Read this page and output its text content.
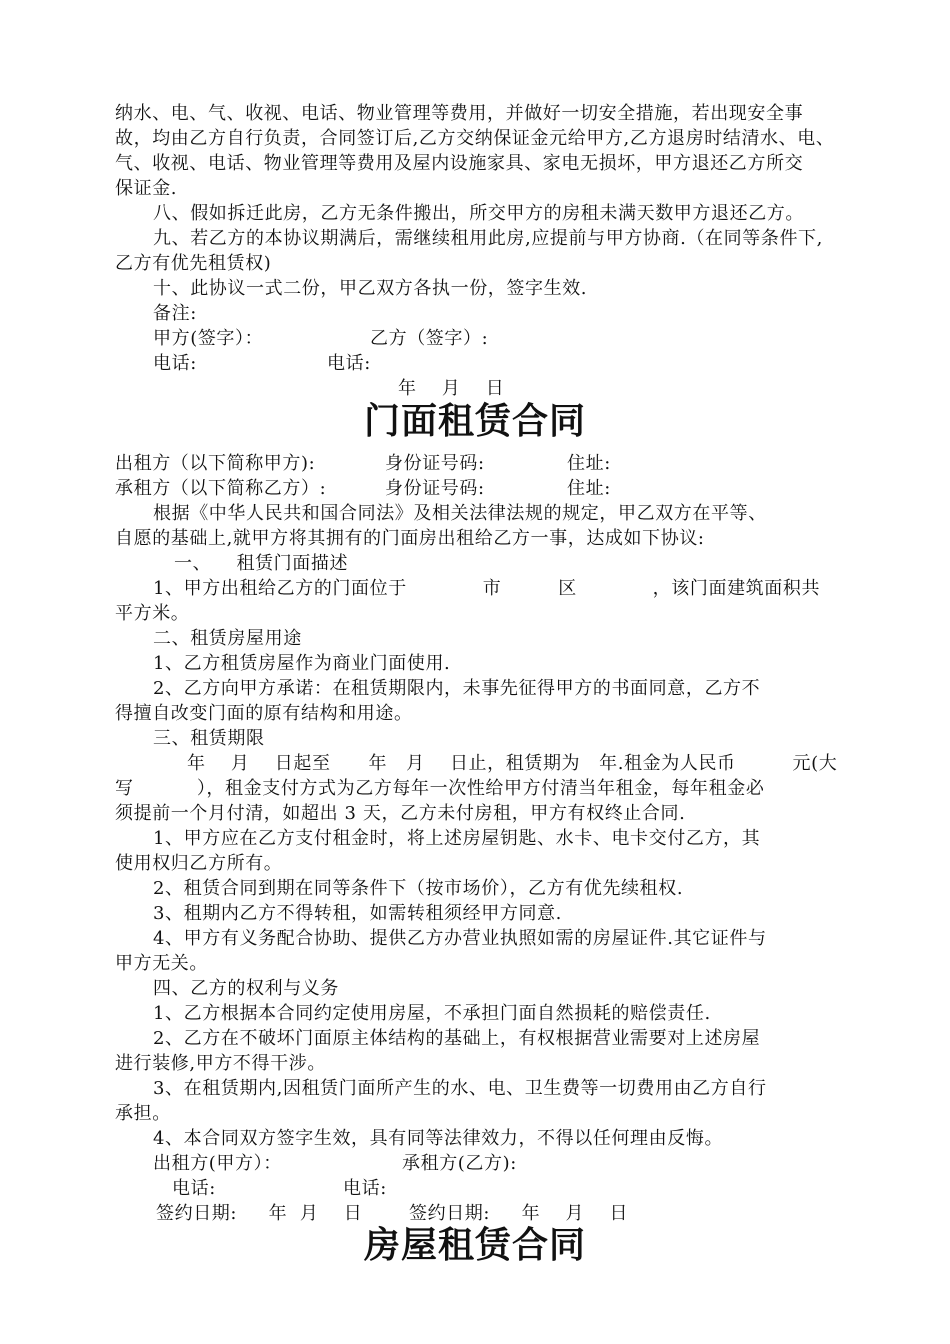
纳水、电、气、收视、电话、物业管理等费用，并做好一切安全措施，若出现安全事
故，均由乙方自行负责，合同签订后,乙方交纳保证金元给甲方,乙方退房时结清水、电、
气、收视、电话、物业管理等费用及屋内设施家具、家电无损坏，甲方退还乙方所交
保证金.
八、假如拆迁此房，乙方无条件搬出，所交甲方的房租未满天数甲方退还乙方。
九、若乙方的本协议期满后，需继续租用此房,应提前与甲方协商.（在同等条件下,
乙方有优先租赁权)
十、此协议一式二份，甲乙双方各执一份，签字生效.
备注:
甲方(签字）：	乙方（签字）:
电话:	电话:
年    月    日
门面租赁合同
出租方（以下简称甲方):	身份证号码:	住址:
承租方（以下简称乙方）:	身份证号码:	住址:
根据《中华人民共和国合同法》及相关法律法规的规定，甲乙双方在平等、
自愿的基础上,就甲方将其拥有的门面房出租给乙方一事，达成如下协议:
一、    租赁门面描述
1、甲方出租给乙方的门面位于            市         区            ，该门面建筑面积共
平方米。
二、租赁房屋用途
1、乙方租赁房屋作为商业门面使用.
2、乙方向甲方承诺：在租赁期限内，未事先征得甲方的书面同意，乙方不
得擅自改变门面的原有结构和用途。
三、租赁期限
年    月    日起至      年   月    日止，租赁期为   年.租金为人民币         元(大
写          ），租金支付方式为乙方每年一次性给甲方付清当年租金，每年租金必
须提前一个月付清，如超出 3 天，乙方未付房租，甲方有权终止合同.
1、甲方应在乙方支付租金时，将上述房屋钥匙、水卡、电卡交付乙方，其
使用权归乙方所有。
2、租赁合同到期在同等条件下（按市场价），乙方有优先续租权.
3、租期内乙方不得转租，如需转租须经甲方同意.
4、甲方有义务配合协助、提供乙方办营业执照如需的房屋证件.其它证件与
甲方无关。
四、乙方的权利与义务
1、乙方根据本合同约定使用房屋，不承担门面自然损耗的赔偿责任.
2、乙方在不破坏门面原主体结构的基础上，有权根据营业需要对上述房屋
进行装修,甲方不得干涉。
3、在租赁期内,因租赁门面所产生的水、电、卫生费等一切费用由乙方自行
承担。
4、本合同双方签字生效，具有同等法律效力，不得以任何理由反悔。
出租方(甲方）：	承租方(乙方):
电话:	电话:
签约日期:     年  月    日	签约日期:     年    月    日
房屋租赁合同
